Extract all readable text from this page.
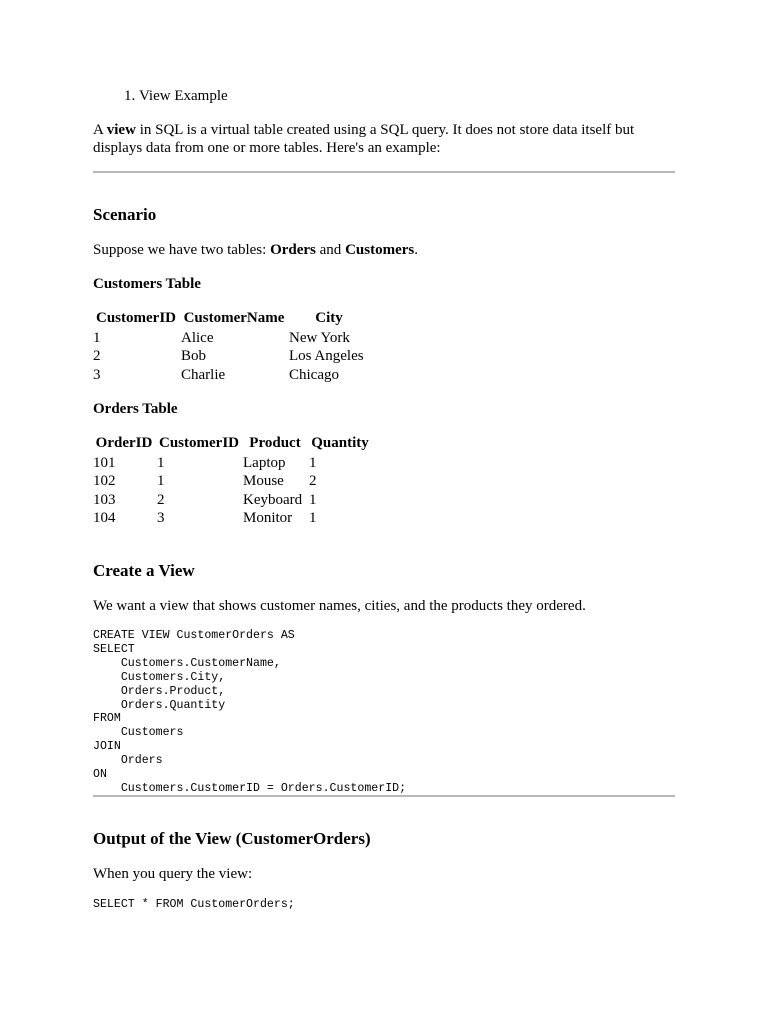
1. View Example

A view in SQL is a virtual table created using a SQL query. It does not store data itself but displays data from one or more tables. Here's an example:

Scenario

Suppose we have two tables: Orders and Customers.

Customers Table
CustomerID	CustomerName	City
1	Alice	New York
2	Bob	Los Angeles
3	Charlie	Chicago
Orders Table
OrderID	CustomerID	Product	Quantity
101	1	Laptop	1
102	1	Mouse	2
103	2	Keyboard	1
104	3	Monitor	1
Create a View

We want a view that shows customer names, cities, and the products they ordered.

CREATE VIEW CustomerOrders AS
SELECT
Customers.CustomerName,
Customers.City,
Orders.Product,
Orders.Quantity
FROM
Customers
JOIN
Orders
ON
Customers.CustomerID = Orders.CustomerID;
Output of the View (CustomerOrders)

When you query the view:

SELECT * FROM CustomerOrders;
